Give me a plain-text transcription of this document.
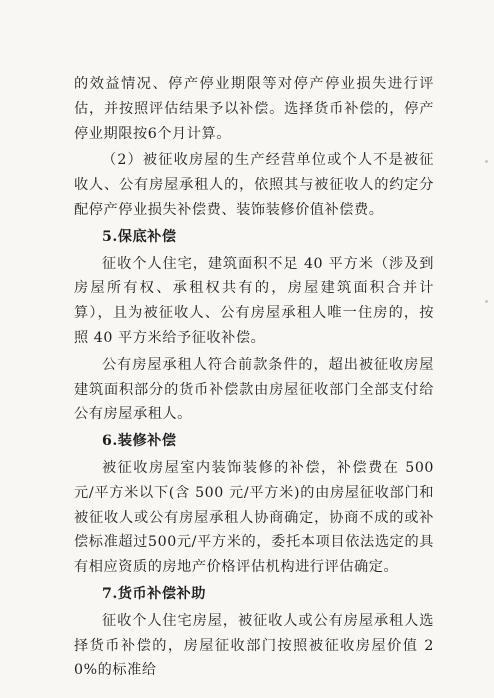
的效益情况、停产停业期限等对停产停业损失进行评估，并按照评估结果予以补偿。选择货币补偿的，停产停业期限按6个月计算。

（2）被征收房屋的生产经营单位或个人不是被征收人、公有房屋承租人的，依照其与被征收人的约定分配停产停业损失补偿费、装饰装修价值补偿费。

5.保底补偿

征收个人住宅，建筑面积不足 40 平方米（涉及到房屋所有权、承租权共有的，房屋建筑面积合并计算），且为被征收人、公有房屋承租人唯一住房的，按照 40 平方米给予征收补偿。

公有房屋承租人符合前款条件的，超出被征收房屋建筑面积部分的货币补偿款由房屋征收部门全部支付给公有房屋承租人。

6.装修补偿

被征收房屋室内装饰装修的补偿，补偿费在 500 元/平方米以下(含 500 元/平方米)的由房屋征收部门和被征收人或公有房屋承租人协商确定，协商不成的或补偿标准超过500元/平方米的，委托本项目依法选定的具有相应资质的房地产价格评估机构进行评估确定。

7.货币补偿补助

征收个人住宅房屋，被征收人或公有房屋承租人选择货币补偿的，房屋征收部门按照被征收房屋价值 20%的标准给
